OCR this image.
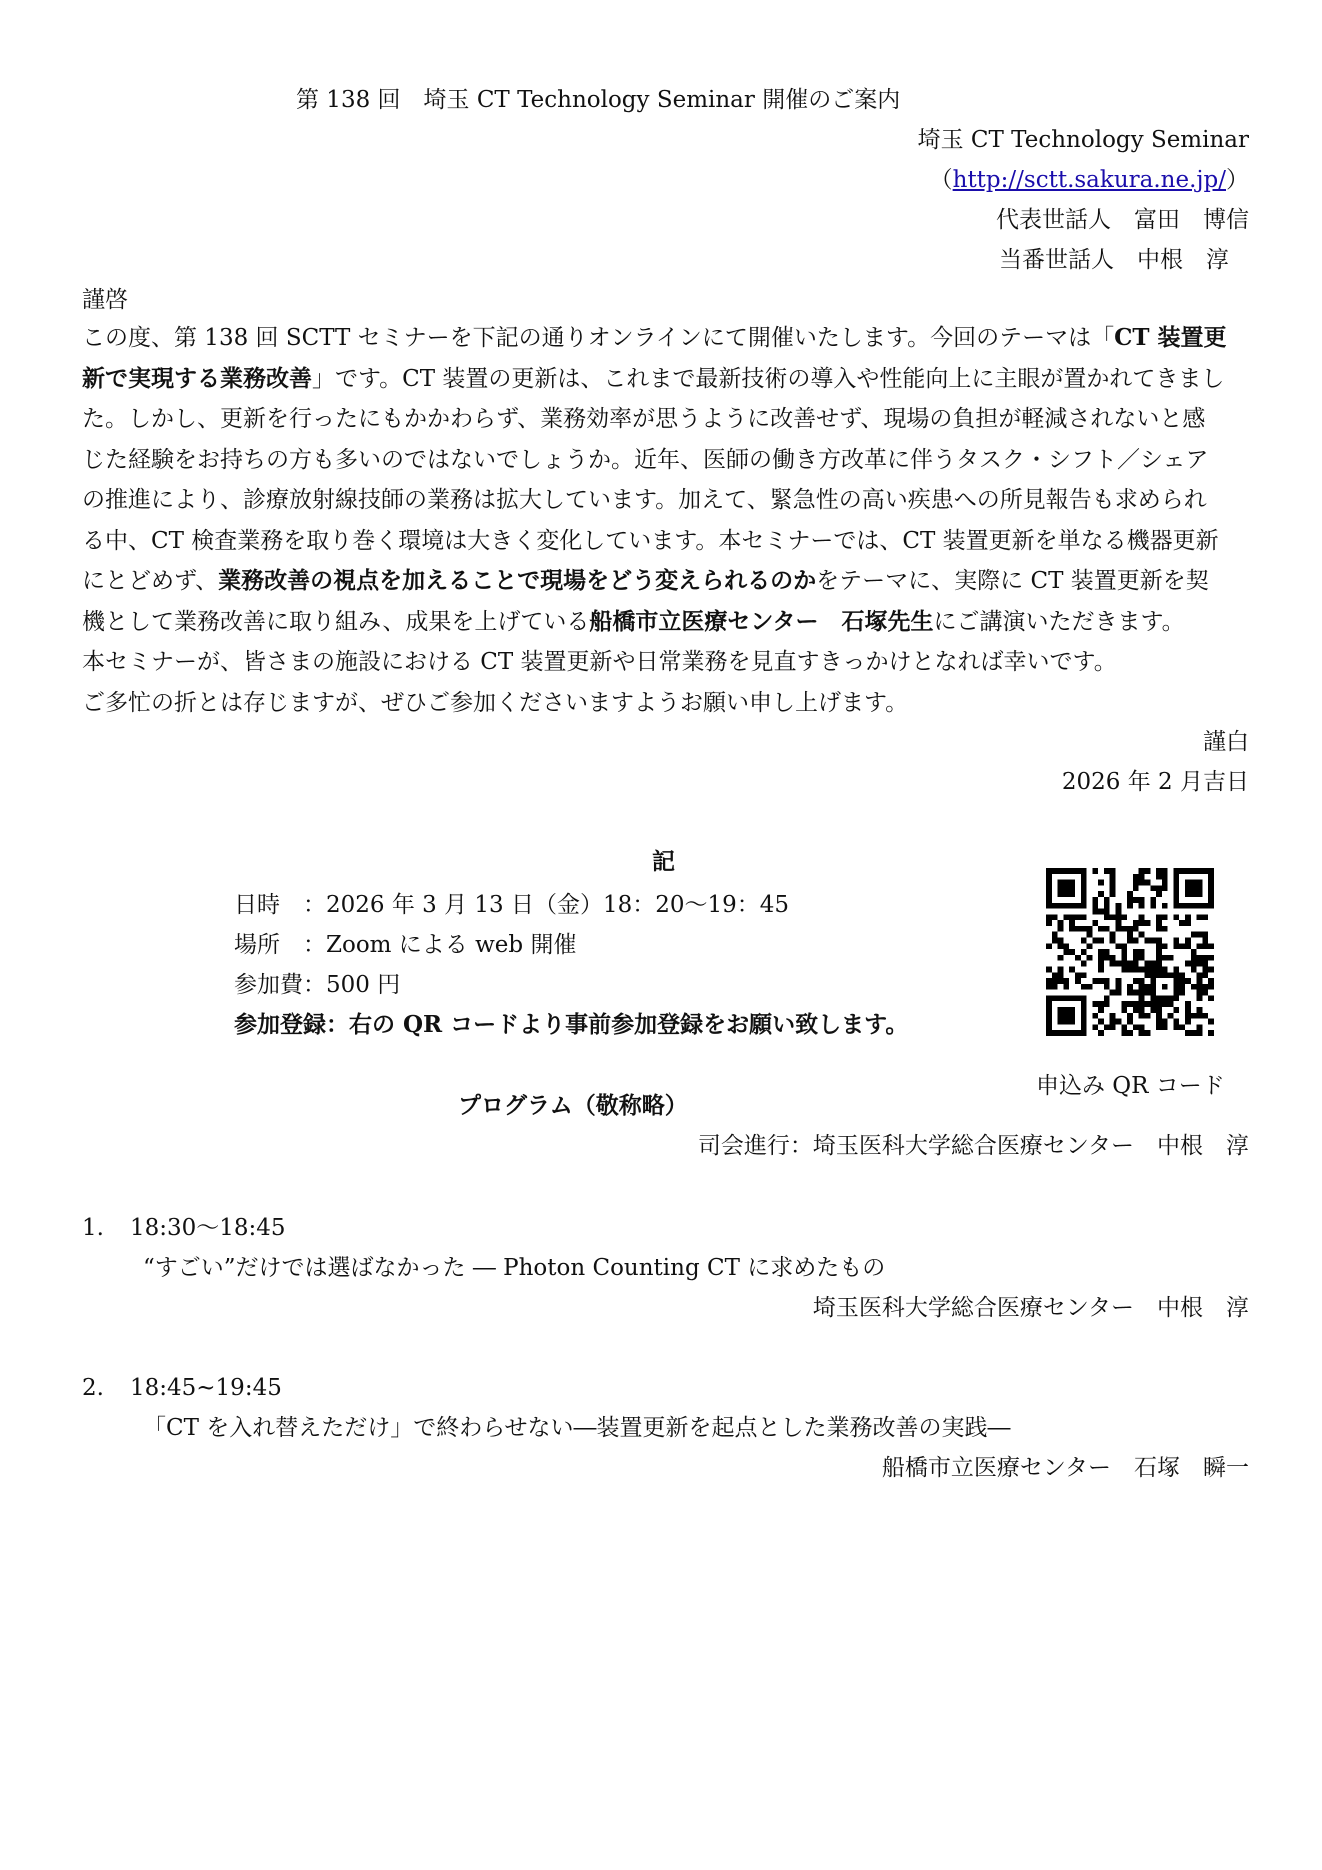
第 138 回　埼玉 CT Technology Seminar 開催のご案内
埼玉 CT Technology Seminar
（http://sctt.sakura.ne.jp/）
代表世話人　富田　博信
当番世話人　中根　淳
謹啓
この度、第 138 回 SCTT セミナーを下記の通りオンラインにて開催いたします。今回のテーマは「CT 装置更
新で実現する業務改善」です。CT 装置の更新は、これまで最新技術の導入や性能向上に主眼が置かれてきまし
た。しかし、更新を行ったにもかかわらず、業務効率が思うように改善せず、現場の負担が軽減されないと感
じた経験をお持ちの方も多いのではないでしょうか。近年、医師の働き方改革に伴うタスク・シフト／シェア
の推進により、診療放射線技師の業務は拡大しています。加えて、緊急性の高い疾患への所見報告も求められ
る中、CT 検査業務を取り巻く環境は大きく変化しています。本セミナーでは、CT 装置更新を単なる機器更新
にとどめず、業務改善の視点を加えることで現場をどう変えられるのかをテーマに、実際に CT 装置更新を契
機として業務改善に取り組み、成果を上げている船橋市立医療センター　石塚先生にご講演いただきます。
本セミナーが、皆さまの施設における CT 装置更新や日常業務を見直すきっかけとなれば幸いです。
ご多忙の折とは存じますが、ぜひご参加くださいますようお願い申し上げます。
謹白
2026 年 2 月吉日
記
日時　：2026 年 3 月 13 日（金）18：20～19：45
場所　：Zoom による web 開催
参加費：500 円
参加登録：右の QR コードより事前参加登録をお願い致します。
申込み QR コード
プログラム（敬称略）
司会進行：埼玉医科大学総合医療センター　中根　淳
1. 18:30～18:45
“すごい”だけでは選ばなかった ― Photon Counting CT に求めたもの
埼玉医科大学総合医療センター　中根　淳
2. 18:45~19:45
「CT を入れ替えただけ」で終わらせない―装置更新を起点とした業務改善の実践―
船橋市立医療センター　石塚　瞬一
